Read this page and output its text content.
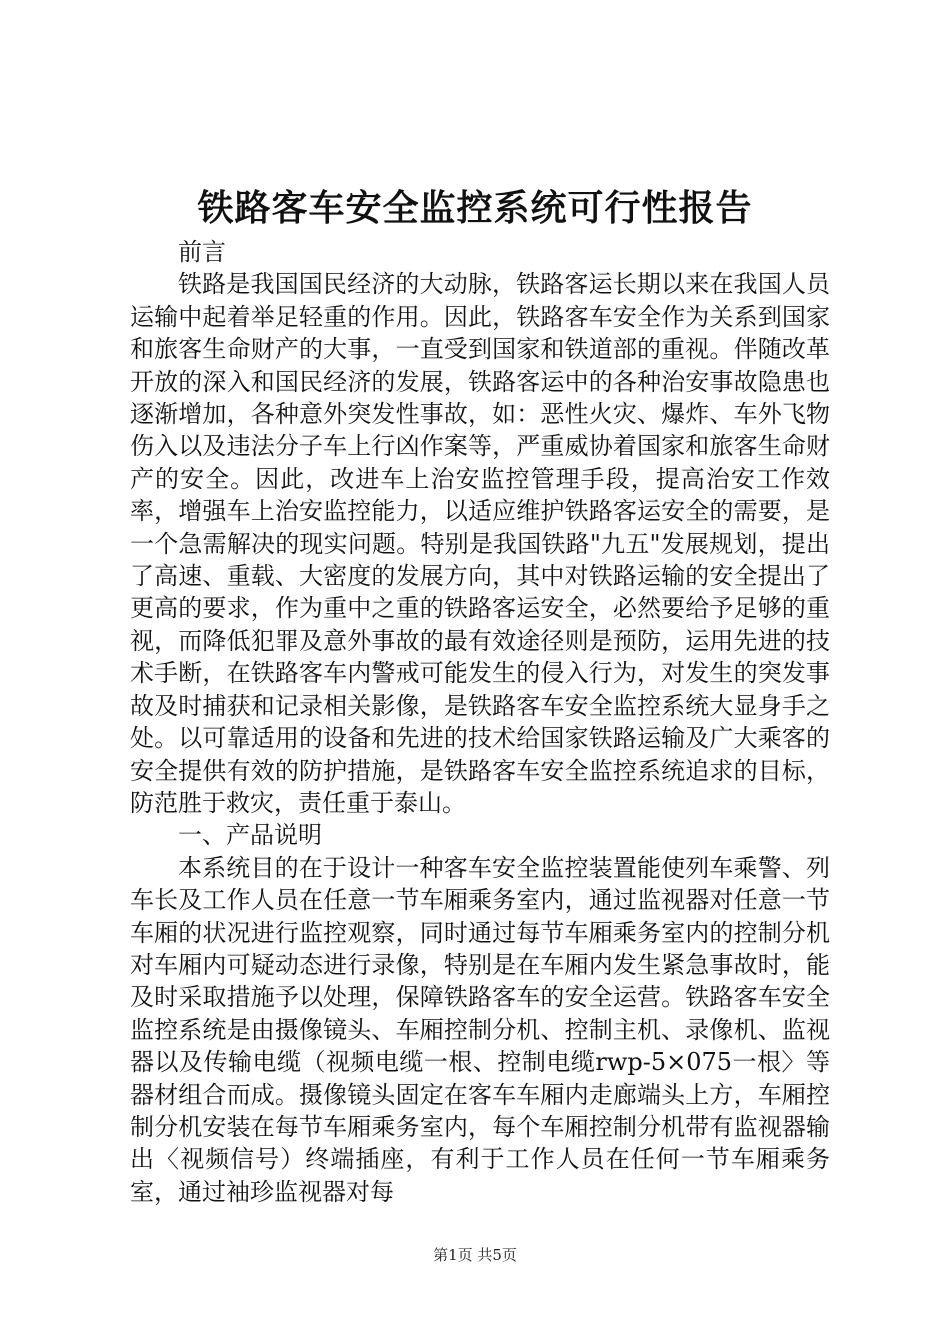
铁路客车安全监控系统可行性报告

前言

铁路是我国国民经济的大动脉，铁路客运长期以来在我国人员运输中起着举足轻重的作用。因此，铁路客车安全作为关系到国家和旅客生命财产的大事，一直受到国家和铁道部的重视。伴随改革开放的深入和国民经济的发展，铁路客运中的各种治安事故隐患也逐渐增加，各种意外突发性事故，如：恶性火灾、爆炸、车外飞物伤入以及违法分子车上行凶作案等，严重威协着国家和旅客生命财产的安全。因此，改进车上治安监控管理手段，提高治安工作效率，增强车上治安监控能力，以适应维护铁路客运安全的需要，是一个急需解决的现实问题。特别是我国铁路"九五"发展规划，提出了高速、重载、大密度的发展方向，其中对铁路运输的安全提出了更高的要求，作为重中之重的铁路客运安全，必然要给予足够的重视，而降低犯罪及意外事故的最有效途径则是预防，运用先进的技术手断，在铁路客车内警戒可能发生的侵入行为，对发生的突发事故及时捕获和记录相关影像，是铁路客车安全监控系统大显身手之处。以可靠适用的设备和先进的技术给国家铁路运输及广大乘客的安全提供有效的防护措施，是铁路客车安全监控系统追求的目标，防范胜于救灾，责任重于泰山。

一、产品说明

本系统目的在于设计一种客车安全监控装置能使列车乘警、列车长及工作人员在任意一节车厢乘务室内，通过监视器对任意一节车厢的状况进行监控观察，同时通过每节车厢乘务室内的控制分机对车厢内可疑动态进行录像，特别是在车厢内发生紧急事故时，能及时采取措施予以处理，保障铁路客车的安全运营。铁路客车安全监控系统是由摄像镜头、车厢控制分机、控制主机、录像机、监视器以及传输电缆（视频电缆一根、控制电缆rwp-5×075一根〉等器材组合而成。摄像镜头固定在客车车厢内走廊端头上方，车厢控制分机安装在每节车厢乘务室内，每个车厢控制分机带有监视器输出〈视频信号）终端插座，有利于工作人员在任何一节车厢乘务室，通过袖珍监视器对每

第1页 共5页
